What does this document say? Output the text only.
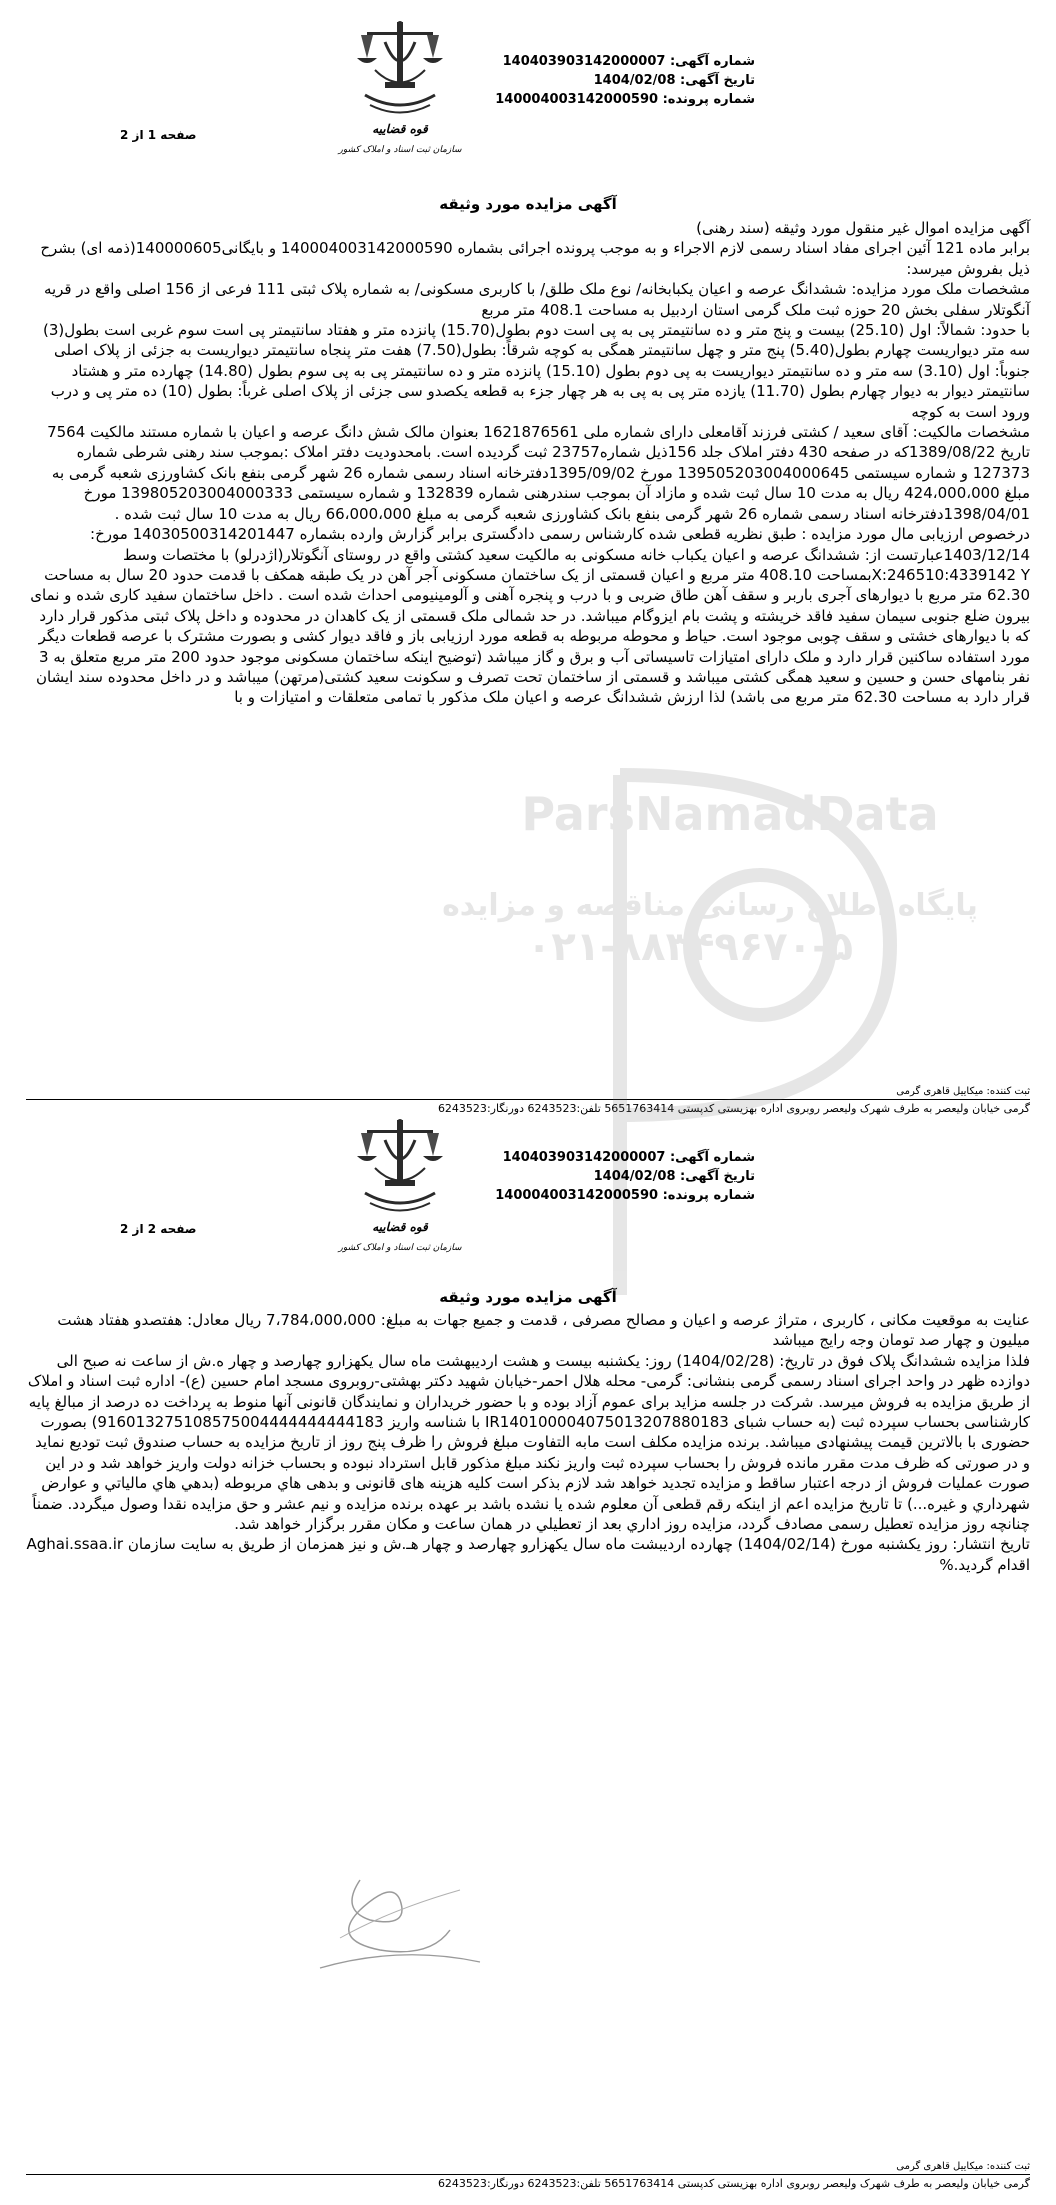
شماره آگهی: 140403903142000007
تاریخ آگهی: 1404/02/08
شماره پرونده: 140004003142000590
قوه قضاییه
سازمان ثبت اسناد و املاک کشور
صفحه 1 از 2
آگهی مزایده مورد وثیقه

آگهی مزایده اموال غیر منقول مورد وثیقه (سند رهنی)

برابر ماده 121 آئین اجرای مفاد اسناد رسمی لازم الاجراء و به موجب پرونده اجرائی بشماره 140004003142000590 و بایگانی140000605(ذمه ای) بشرح ذیل بفروش میرسد:

مشخصات ملک مورد مزایده: ششدانگ عرصه و اعیان یکبابخانه/ نوع ملک طلق/ با کاربری مسکونی/ به شماره پلاک ثبتی 111 فرعی از 156 اصلی واقع در قریه آنگوتلار سفلی بخش 20 حوزه ثبت ملک گرمی استان اردبیل به مساحت 408.1 متر مربع

با حدود: شمالاً: اول (25.10) بیست و پنج متر و ده سانتیمتر پی به پی است دوم بطول(15.70) پانزده متر و هفتاد سانتیمتر پی است سوم غربی است بطول(3) سه متر دیواریست چهارم بطول(5.40) پنج متر و چهل سانتیمتر همگی به کوچه شرقاً: بطول(7.50) هفت متر پنجاه سانتیمتر دیواریست به جزئی از پلاک اصلی جنوباً: اول (3.10) سه متر و ده سانتیمتر دیواریست به پی دوم بطول (15.10) پانزده متر و ده سانتیمتر پی به پی سوم بطول (14.80) چهارده متر و هشتاد سانتیمتر دیوار به دیوار چهارم بطول (11.70) یازده متر پی به پی به هر چهار جزء به قطعه یکصدو سی جزئی از پلاک اصلی غرباً: بطول (10) ده متر پی و درب ورود است به کوچه

مشخصات مالکیت: آقای سعید / کشتی فرزند آقامعلی دارای شماره ملی 1621876561 بعنوان مالک شش دانگ عرصه و اعیان با شماره مستند مالکیت 7564 تاریخ 1389/08/22که در صفحه 430 دفتر املاک جلد 156ذیل شماره23757 ثبت گردیده است. بامحدودیت دفتر املاک :بموجب سند رهنی شرطی شماره 127373 و شماره سیستمی 139505203004000645 مورخ 1395/09/02دفترخانه اسناد رسمی شماره 26 شهر گرمی بنفع بانک کشاورزی شعبه گرمی به مبلغ 424،000،000 ریال به مدت 10 سال ثبت شده و مازاد آن بموجب سندرهنی شماره 132839 و شماره سیستمی 139805203004000333 مورخ 1398/04/01دفترخانه اسناد رسمی شماره 26 شهر گرمی بنفع بانک کشاورزی شعبه گرمی به مبلغ 66،000،000 ریال به مدت 10 سال ثبت شده .

درخصوص ارزیابی مال مورد مزایده : طبق نظریه قطعی شده کارشناس رسمی دادگستری برابر گزارش وارده بشماره 14030500314201447 مورخ: 1403/12/14عبارتست از: ششدانگ عرصه و اعیان یکباب خانه مسکونی به مالکیت سعید کشتی واقع در روستای آنگوتلار(اژدرلو) با مختصات وسط X:246510:4339142 Yبمساحت 408.10 متر مربع و اعیان قسمتی از یک ساختمان مسکونی آجر آهن در یک طبقه همکف با قدمت حدود 20 سال به مساحت 62.30 متر مربع با دیوارهای آجری باربر و سقف آهن طاق ضربی و با درب و پنجره آهنی و آلومینیومی احداث شده است . داخل ساختمان سفید کاری شده و نمای بیرون ضلع جنوبی سیمان سفید فاقد خریشته و پشت بام ایزوگام میباشد. در حد شمالی ملک قسمتی از یک کاهدان در محدوده و داخل پلاک ثبتی مذکور قرار دارد که با دیوارهای خشتی و سقف چوبی موجود است. حیاط و محوطه مربوطه به قطعه مورد ارزیابی باز و فاقد دیوار کشی و بصورت مشترک با عرصه قطعات دیگر مورد استفاده ساکنین قرار دارد و ملک دارای امتیازات تاسیساتی آب و برق و گاز میباشد (توضیح اینکه ساختمان مسکونی موجود حدود 200 متر مربع متعلق به 3 نفر بنامهای حسن و حسین و سعید همگی کشتی میباشد و قسمتی از ساختمان تحت تصرف و سکونت سعید کشتی(مرتهن) میباشد و در داخل محدوده سند ایشان قرار دارد به مساحت 62.30 متر مربع می باشد) لذا ارزش ششدانگ عرصه و اعیان ملک مذکور با تمامی متعلقات و امتیازات و با

ثبت کننده: میکاییل قاهری گرمی
گرمی خیابان ولیعصر به طرف شهرک ولیعصر روبروی اداره بهزیستی کدپستی 5651763414 تلفن:6243523 دورنگار:6243523
ParsNamadData
پایگاه اطلاع رسانی مناقصه و مزایده
۰۲۱-۸۸۳۴۹۶۷۰-۵
شماره آگهی: 140403903142000007
تاریخ آگهی: 1404/02/08
شماره پرونده: 140004003142000590
قوه قضاییه
سازمان ثبت اسناد و املاک کشور
صفحه 2 از 2
آگهی مزایده مورد وثیقه

عنایت به موقعیت مکانی ، کاربری ، متراژ عرصه و اعیان و مصالح مصرفی ، قدمت و جمیع جهات به مبلغ: 7،784،000،000 ریال معادل: هفتصدو هفتاد هشت میلیون و چهار صد تومان وجه رایج میباشد

فلذا مزایده ششدانگ پلاک فوق در تاریخ: (1404/02/28) روز: یکشنبه بیست و هشت اردیبهشت ماه سال یکهزارو چهارصد و چهار ه.ش از ساعت نه صبح الی دوازده ظهر در واحد اجرای اسناد رسمی گرمی بنشانی: گرمی- محله هلال احمر-خیابان شهید دکتر بهشتی-روبروی مسجد امام حسین (ع)- اداره ثبت اسناد و املاک از طریق مزایده به فروش میرسد. شرکت در جلسه مزاید برای عموم آزاد بوده و با حضور خریداران و نمایندگان قانونی آنها منوط به پرداخت ده درصد از مبالغ پایه کارشناسی بحساب سپرده ثبت (به حساب شبای IR140100004075013207880183 با شناسه واریز 916013275108575004444444444183) بصورت حضوری با بالاترین قیمت پیشنهادی میباشد. برنده مزایده مکلف است مابه التفاوت مبلغ فروش را ظرف پنج روز از تاریخ مزایده به حساب صندوق ثبت تودیع نماید و در صورتی که ظرف مدت مقرر مانده فروش را بحساب سپرده ثبت واریز نکند مبلغ مذکور قابل استرداد نبوده و بحساب خزانه دولت واریز خواهد شد و در این صورت عملیات فروش از درجه اعتبار ساقط و مزایده تجدید خواهد شد لازم بذکر است کلیه هزینه های قانونی و بدهی هاي مربوطه (بدهي هاي مالیاتي و عوارض شهرداري و غیره...) تا تاریخ مزایده اعم از اینکه رقم قطعی آن معلوم شده یا نشده باشد بر عهده برنده مزایده و نیم عشر و حق مزایده نقدا وصول میگردد. ضمناً چنانچه روز مزایده تعطیل رسمی مصادف گردد، مزایده روز اداري بعد از تعطیلي در همان ساعت و مکان مقرر برگزار خواهد شد.

تاریخ انتشار: روز یکشنبه مورخ (1404/02/14) چهارده اردیبشت ماه سال یکهزارو چهارصد و چهار هـ.ش و نیز همزمان از طریق به سایت سازمان Aghai.ssaa.ir اقدام گردید.%

ثبت کننده: میکاییل قاهری گرمی
گرمی خیابان ولیعصر به طرف شهرک ولیعصر روبروی اداره بهزیستی کدپستی 5651763414 تلفن:6243523 دورنگار:6243523
